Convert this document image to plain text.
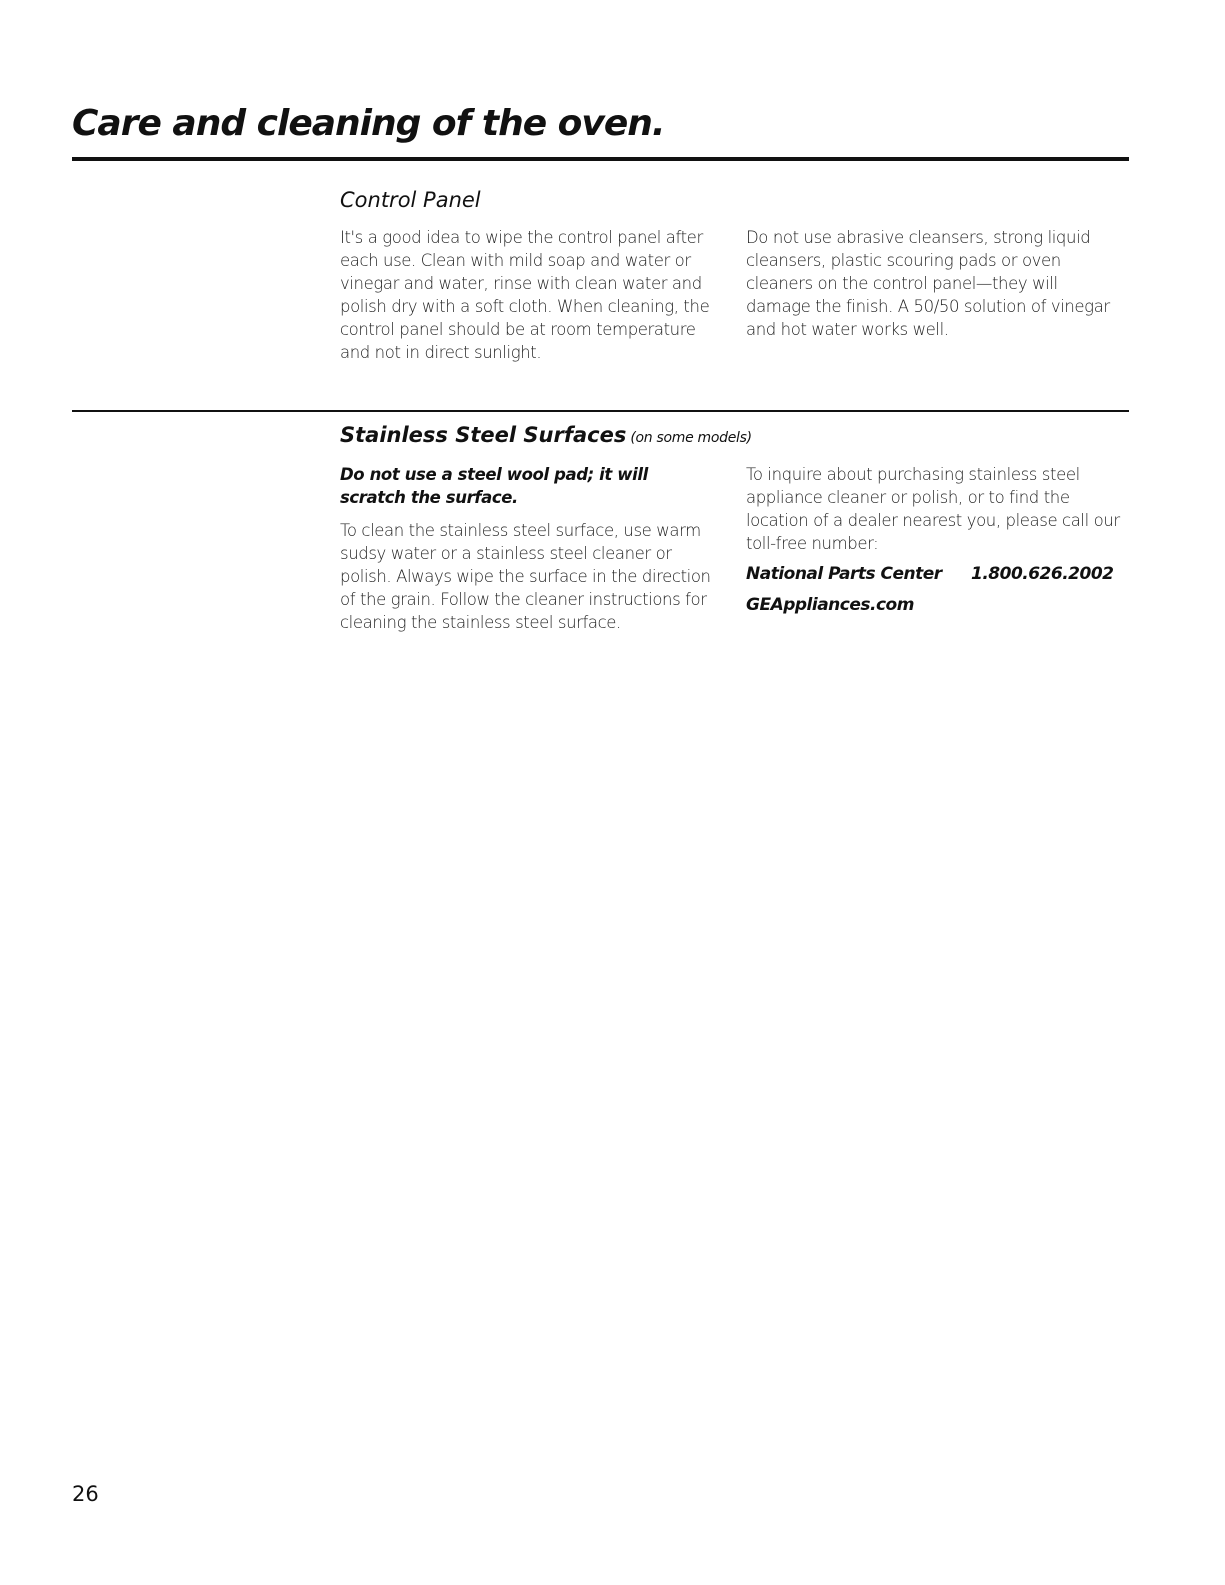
Care and cleaning of the oven.
Control Panel

It's a good idea to wipe the control panel after each use. Clean with mild soap and water or vinegar and water, rinse with clean water and polish dry with a soft cloth. When cleaning, the control panel should be at room temperature and not in direct sunlight.

Do not use abrasive cleansers, strong liquid cleansers, plastic scouring pads or oven cleaners on the control panel—they will damage the finish. A 50/50 solution of vinegar and hot water works well.

Stainless Steel Surfaces (on some models)

Do not use a steel wool pad; it will scratch the surface.

To clean the stainless steel surface, use warm sudsy water or a stainless steel cleaner or polish. Always wipe the surface in the direction of the grain. Follow the cleaner instructions for cleaning the stainless steel surface.

To inquire about purchasing stainless steel appliance cleaner or polish, or to find the location of a dealer nearest you, please call our toll-free number:

National Parts Center 1.800.626.2002
GEAppliances.com
26
